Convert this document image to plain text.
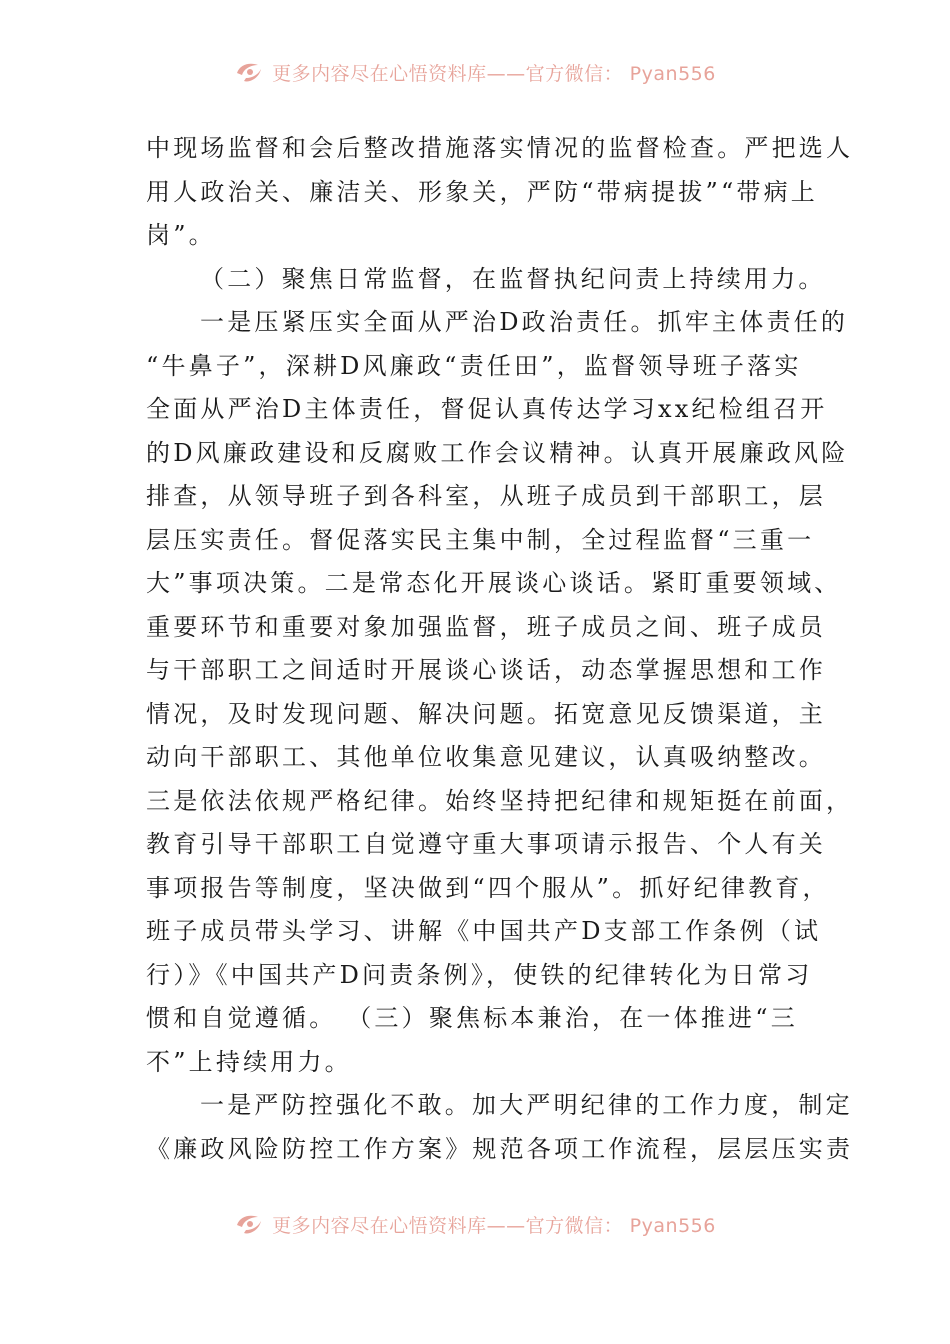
更多内容尽在心悟资料库——官方微信： Pyan556
中现场监督和会后整改措施落实情况的监督检查。严把选人
用人政治关、廉洁关、形象关，严防“带病提拔”“带病上
岗”。
（二）聚焦日常监督，在监督执纪问责上持续用力。
一是压紧压实全面从严治D政治责任。抓牢主体责任的
“牛鼻子”，深耕D风廉政“责任田”，监督领导班子落实
全面从严治D主体责任，督促认真传达学习xx纪检组召开
的D风廉政建设和反腐败工作会议精神。认真开展廉政风险
排查，从领导班子到各科室，从班子成员到干部职工，层
层压实责任。督促落实民主集中制，全过程监督“三重一
大”事项决策。二是常态化开展谈心谈话。紧盯重要领域、
重要环节和重要对象加强监督，班子成员之间、班子成员
与干部职工之间适时开展谈心谈话，动态掌握思想和工作
情况，及时发现问题、解决问题。拓宽意见反馈渠道，主
动向干部职工、其他单位收集意见建议，认真吸纳整改。
三是依法依规严格纪律。始终坚持把纪律和规矩挺在前面，
教育引导干部职工自觉遵守重大事项请示报告、个人有关
事项报告等制度，坚决做到“四个服从”。抓好纪律教育，
班子成员带头学习、讲解《中国共产D支部工作条例（试
行）》《中国共产D问责条例》，使铁的纪律转化为日常习
惯和自觉遵循。 （三）聚焦标本兼治，在一体推进“三
不”上持续用力。
一是严防控强化不敢。加大严明纪律的工作力度，制定
《廉政风险防控工作方案》规范各项工作流程，层层压实责
更多内容尽在心悟资料库——官方微信： Pyan556
